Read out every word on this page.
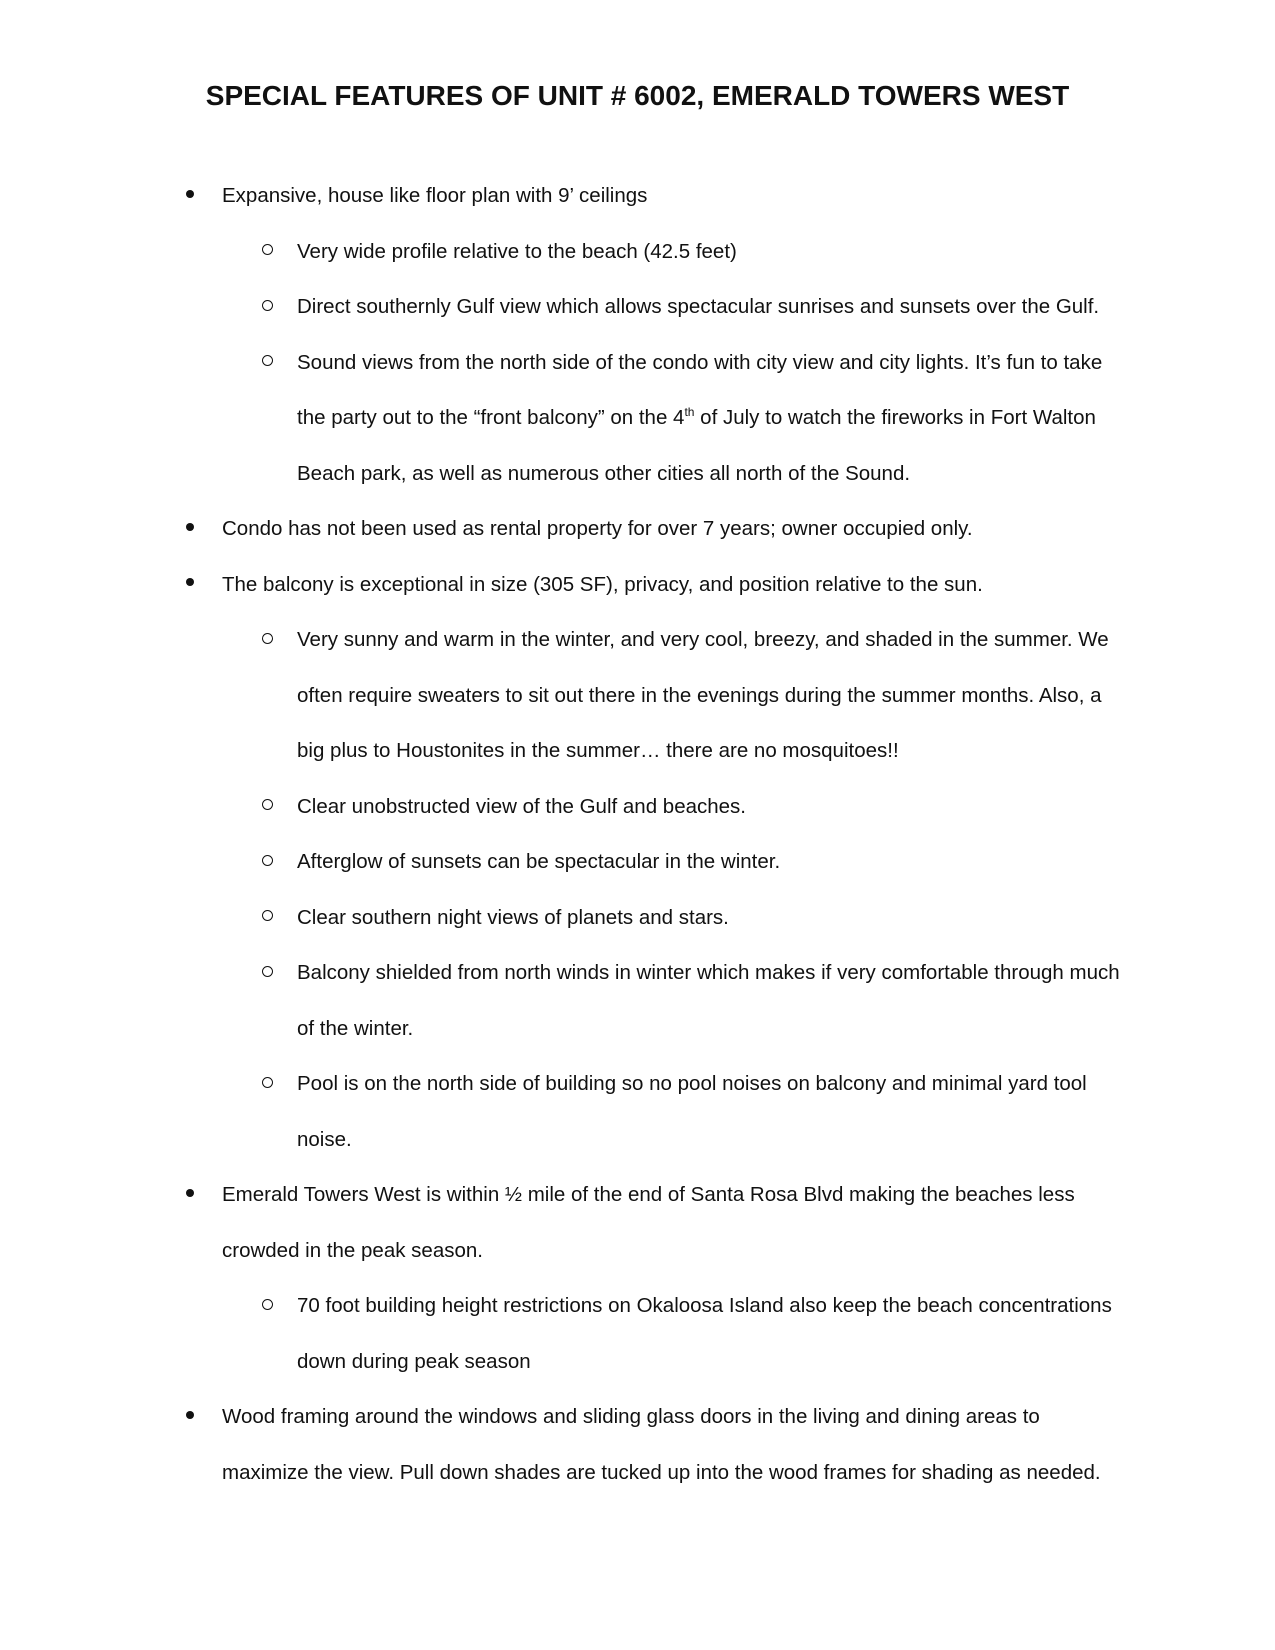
SPECIAL FEATURES OF UNIT # 6002, EMERALD TOWERS WEST

Expansive, house like floor plan with 9’ ceilings

Very wide profile relative to the beach (42.5 feet)

Direct southernly Gulf view which allows spectacular sunrises and sunsets over the Gulf.

Sound views from the north side of the condo with city view and city lights. It’s fun to take the party out to the “front balcony” on the 4th of July to watch the fireworks in Fort Walton Beach park, as well as numerous other cities all north of the Sound.

Condo has not been used as rental property for over 7 years; owner occupied only.

The balcony is exceptional in size (305 SF), privacy, and position relative to the sun.

Very sunny and warm in the winter, and very cool, breezy, and shaded in the summer. We often require sweaters to sit out there in the evenings during the summer months. Also, a big plus to Houstonites in the summer… there are no mosquitoes!!

Clear unobstructed view of the Gulf and beaches.

Afterglow of sunsets can be spectacular in the winter.

Clear southern night views of planets and stars.

Balcony shielded from north winds in winter which makes if very comfortable through much of the winter.

Pool is on the north side of building so no pool noises on balcony and minimal yard tool noise.

Emerald Towers West is within ½ mile of the end of Santa Rosa Blvd making the beaches less crowded in the peak season.

70 foot building height restrictions on Okaloosa Island also keep the beach concentrations down during peak season

Wood framing around the windows and sliding glass doors in the living and dining areas to maximize the view. Pull down shades are tucked up into the wood frames for shading as needed.
